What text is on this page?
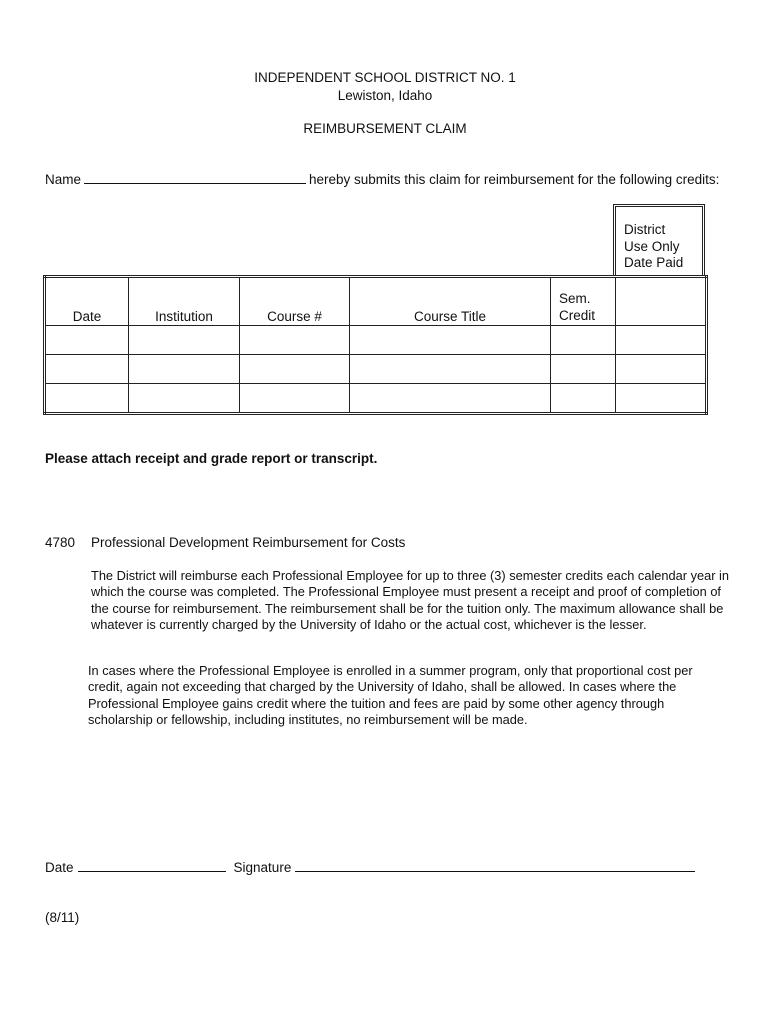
INDEPENDENT SCHOOL DISTRICT NO. 1
Lewiston, Idaho
REIMBURSEMENT CLAIM
Name	hereby submits this claim for reimbursement for the following credits:
District
Use Only
Date Paid
Date	Institution	Course #	Course Title	Sem.
Credit	

Please attach receipt and grade report or transcript.
4780 Professional Development Reimbursement for Costs
The District will reimburse each Professional Employee for up to three (3) semester credits each calendar year in which the course was completed. The Professional Employee must present a receipt and proof of completion of the course for reimbursement. The reimbursement shall be for the tuition only. The maximum allowance shall be whatever is currently charged by the University of Idaho or the actual cost, whichever is the lesser.
In cases where the Professional Employee is enrolled in a summer program, only that proportional cost per credit, again not exceeding that charged by the University of Idaho, shall be allowed. In cases where the Professional Employee gains credit where the tuition and fees are paid by some other agency through scholarship or fellowship, including institutes, no reimbursement will be made.
Date	Signature
(8/11)
